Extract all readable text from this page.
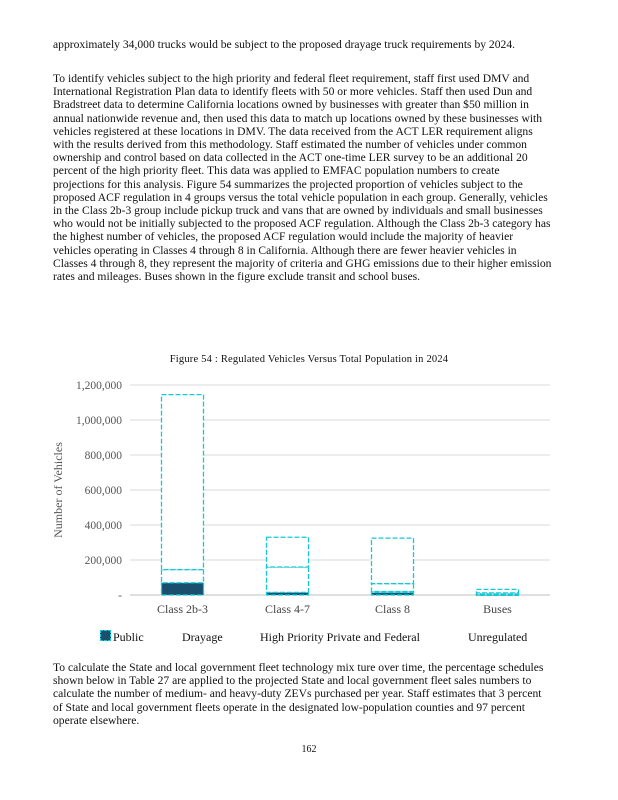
approximately 34,000 trucks would be subject to the proposed drayage truck requirements by 2024.

To identify vehicles subject to the high priority and federal fleet requirement, staff first used DMV and International Registration Plan data to identify fleets with 50 or more vehicles. Staff then used Dun and Bradstreet data to determine California locations owned by businesses with greater than $50 million in annual nationwide revenue and, then used this data to match up locations owned by these businesses with vehicles registered at these locations in DMV. The data received from the ACT LER requirement aligns with the results derived from this methodology. Staff estimated the number of vehicles under common ownership and control based on data collected in the ACT one-time LER survey to be an additional 20 percent of the high priority fleet. This data was applied to EMFAC population numbers to create projections for this analysis. Figure 54 summarizes the projected proportion of vehicles subject to the proposed ACF regulation in 4 groups versus the total vehicle population in each group. Generally, vehicles in the Class 2b-3 group include pickup truck and vans that are owned by individuals and small businesses who would not be initially subjected to the proposed ACF regulation. Although the Class 2b-3 category has the highest number of vehicles, the proposed ACF regulation would include the majority of heavier vehicles operating in Classes 4 through 8 in California. Although there are fewer heavier vehicles in Classes 4 through 8, they represent the majority of criteria and GHG emissions due to their higher emission rates and mileages. Buses shown in the figure exclude transit and school buses.

Figure 54 : Regulated Vehicles Versus Total Population in 2024
-
200,000
400,000
600,000
800,000
1,000,000
1,200,000
Number of Vehicles
Class 2b-3	Class 4-7	Class 8	Buses
Public	Drayage	High Priority Private and Federal	Unregulated

To calculate the State and local government fleet technology mix ture over time, the percentage schedules shown below in Table 27 are applied to the projected State and local government fleet sales numbers to calculate the number of medium- and heavy-duty ZEVs purchased per year. Staff estimates that 3 percent of State and local government fleets operate in the designated low-population counties and 97 percent operate elsewhere.

162
